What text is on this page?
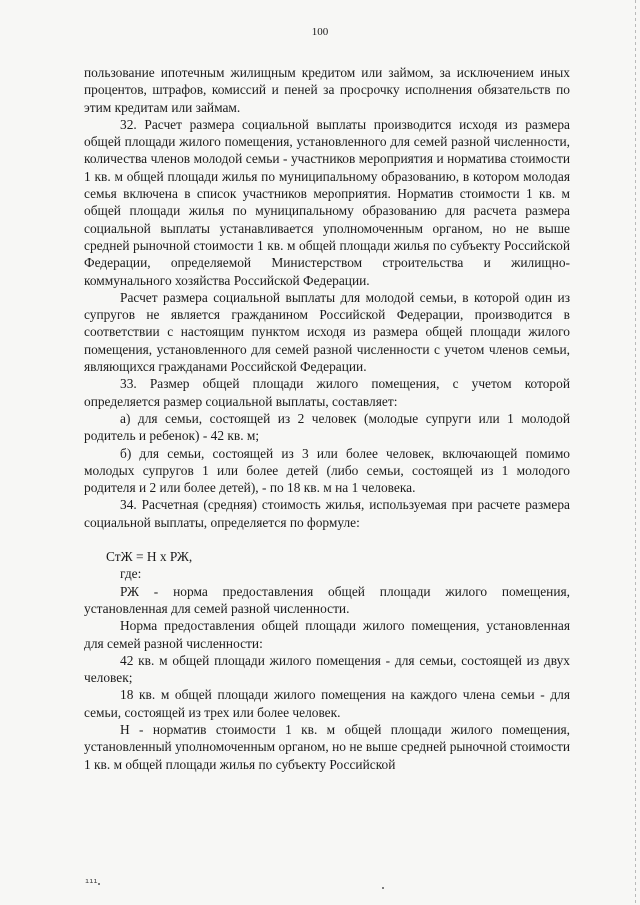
100

пользование ипотечным жилищным кредитом или займом, за исключением иных процентов, штрафов, комиссий и пеней за просрочку исполнения обязательств по этим кредитам или займам.

32. Расчет размера социальной выплаты производится исходя из размера общей площади жилого помещения, установленного для семей разной численности, количества членов молодой семьи - участников мероприятия и норматива стоимости 1 кв. м общей площади жилья по муниципальному образованию, в котором молодая семья включена в список участников мероприятия. Норматив стоимости 1 кв. м общей площади жилья по муниципальному образованию для расчета размера социальной выплаты устанавливается уполномоченным органом, но не выше средней рыночной стоимости 1 кв. м общей площади жилья по субъекту Российской Федерации, определяемой Министерством строительства и жилищно-коммунального хозяйства Российской Федерации.

Расчет размера социальной выплаты для молодой семьи, в которой один из супругов не является гражданином Российской Федерации, производится в соответствии с настоящим пунктом исходя из размера общей площади жилого помещения, установленного для семей разной численности с учетом членов семьи, являющихся гражданами Российской Федерации.

33. Размер общей площади жилого помещения, с учетом которой определяется размер социальной выплаты, составляет:

а) для семьи, состоящей из 2 человек (молодые супруги или 1 молодой родитель и ребенок) - 42 кв. м;

б) для семьи, состоящей из 3 или более человек, включающей помимо молодых супругов 1 или более детей (либо семьи, состоящей из 1 молодого родителя и 2 или более детей), - по 18 кв. м на 1 человека.

34. Расчетная (средняя) стоимость жилья, используемая при расчете размера социальной выплаты, определяется по формуле:

СтЖ = Н х РЖ,

где:

РЖ - норма предоставления общей площади жилого помещения, установленная для семей разной численности.

Норма предоставления общей площади жилого помещения, установленная для семей разной численности:

42 кв. м общей площади жилого помещения - для семьи, состоящей из двух человек;

18 кв. м общей площади жилого помещения на каждого члена семьи - для семьи, состоящей из трех или более человек.

Н - норматив стоимости 1 кв. м общей площади жилого помещения, установленный уполномоченным органом, но не выше средней рыночной стоимости 1 кв. м общей площади жилья по субъекту Российской

ııı
